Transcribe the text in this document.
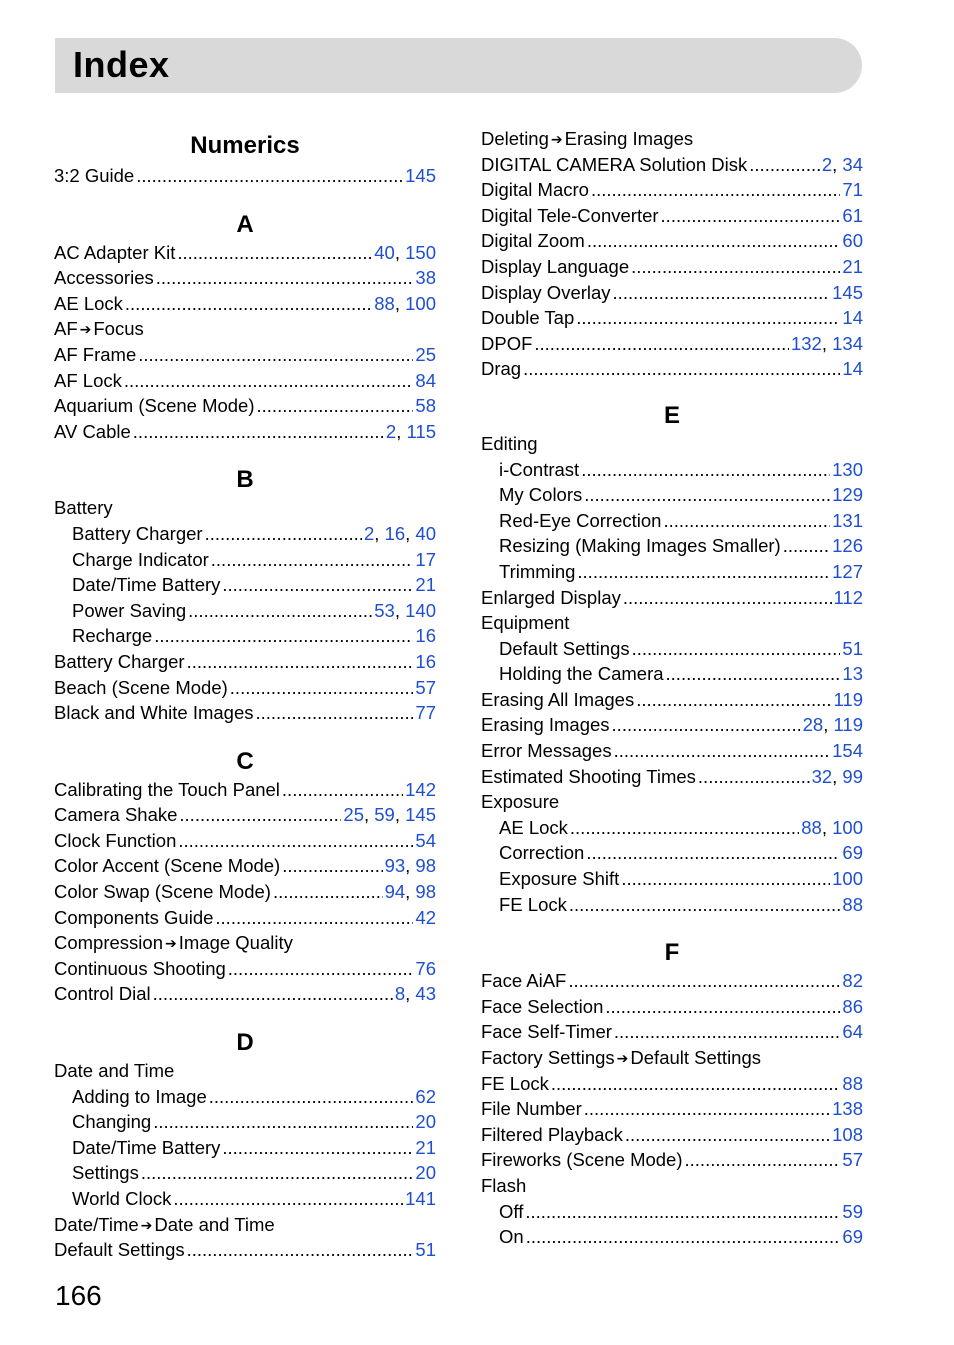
Index
Numerics
3:2 Guide .....	145
A
AC Adapter Kit .....	40, 150
Accessories .....	38
AE Lock .....	88, 100
AF ➔ Focus
AF Frame .....	25
AF Lock .....	84
Aquarium (Scene Mode) .....	58
AV Cable .....	2, 115
B
Battery
Battery Charger .....	2, 16, 40
Charge Indicator .....	17
Date/Time Battery .....	21
Power Saving .....	53, 140
Recharge .....	16
Battery Charger .....	16
Beach (Scene Mode) .....	57
Black and White Images .....	77
C
Calibrating the Touch Panel .....	142
Camera Shake .....	25, 59, 145
Clock Function .....	54
Color Accent (Scene Mode) .....	93, 98
Color Swap (Scene Mode) .....	94, 98
Components Guide .....	42
Compression ➔ Image Quality
Continuous Shooting .....	76
Control Dial .....	8, 43
D
Date and Time
Adding to Image .....	62
Changing .....	20
Date/Time Battery .....	21
Settings .....	20
World Clock .....	141
Date/Time ➔ Date and Time
Default Settings .....	51
Deleting ➔ Erasing Images
DIGITAL CAMERA Solution Disk .....	2, 34
Digital Macro .....	71
Digital Tele-Converter .....	61
Digital Zoom .....	60
Display Language .....	21
Display Overlay .....	145
Double Tap .....	14
DPOF .....	132, 134
Drag .....	14
E
Editing
i-Contrast .....	130
My Colors .....	129
Red-Eye Correction .....	131
Resizing (Making Images Smaller) .....	126
Trimming .....	127
Enlarged Display .....	112
Equipment
Default Settings .....	51
Holding the Camera .....	13
Erasing All Images .....	119
Erasing Images .....	28, 119
Error Messages .....	154
Estimated Shooting Times .....	32, 99
Exposure
AE Lock .....	88, 100
Correction .....	69
Exposure Shift .....	100
FE Lock .....	88
F
Face AiAF .....	82
Face Selection .....	86
Face Self-Timer .....	64
Factory Settings ➔ Default Settings
FE Lock .....	88
File Number .....	138
Filtered Playback .....	108
Fireworks (Scene Mode) .....	57
Flash
Off .....	59
On .....	69
166
